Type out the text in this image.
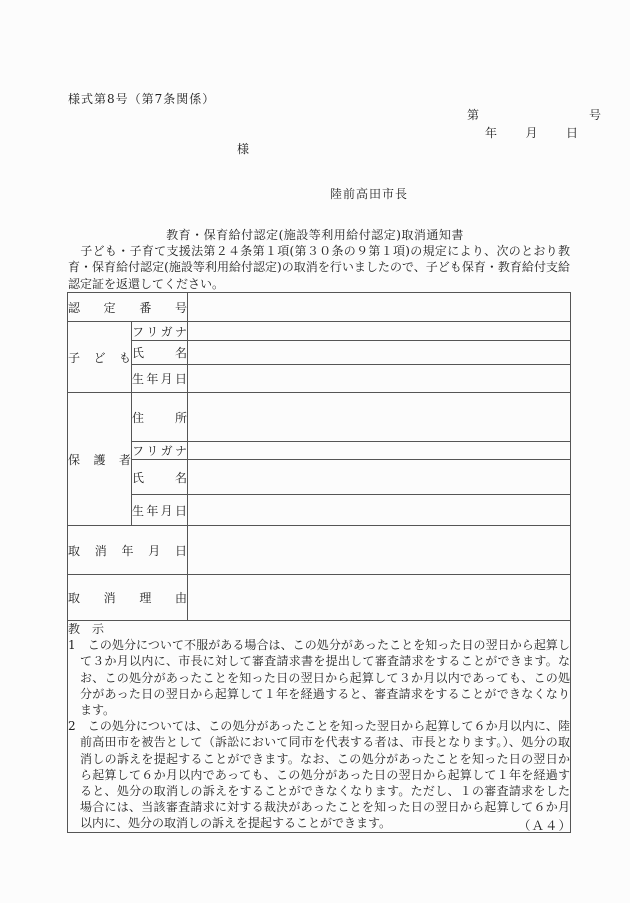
様式第8号（第7条関係）
第	号
年 月 日
様
陸前高田市長
教育・保育給付認定(施設等利用給付認定)取消通知書
　子ども・子育て支援法第２４条第１項(第３０条の９第１項)の規定により、次のとおり教育・保育給付認定(施設等利用給付認定)の取消を行いましたので、子ども保育・教育給付支給認定証を返還してください。
認 定 番 号		

子 ど も	フ リ ガ ナ	

	氏 名	

	生 年 月 日	

保 護 者	住 所	

	フ リ ガ ナ	

	氏 名	

	生 年 月 日	

取 消 年 月 日		

取 消 理 由		

教　示
1　この処分について不服がある場合は、この処分があったことを知った日の翌日から起算して３か月以内に、市長に対して審査請求書を提出して審査請求をすることができます。なお、この処分があったことを知った日の翌日から起算して３か月以内であっても、この処分があった日の翌日から起算して１年を経過すると、審査請求をすることができなくなります。
2　この処分については、この処分があったことを知った翌日から起算して６か月以内に、陸前高田市を被告として（訴訟において同市を代表する者は、市長となります。）、処分の取消しの訴えを提起することができます。なお、この処分があったことを知った日の翌日から起算して６か月以内であっても、この処分があった日の翌日から起算して１年を経過すると、処分の取消しの訴えをすることができなくなります。ただし、１の審査請求をした場合には、当該審査請求に対する裁決があったことを知った日の翌日から起算して６か月以内に、処分の取消しの訴えを提起することができます。			（Ａ４）
